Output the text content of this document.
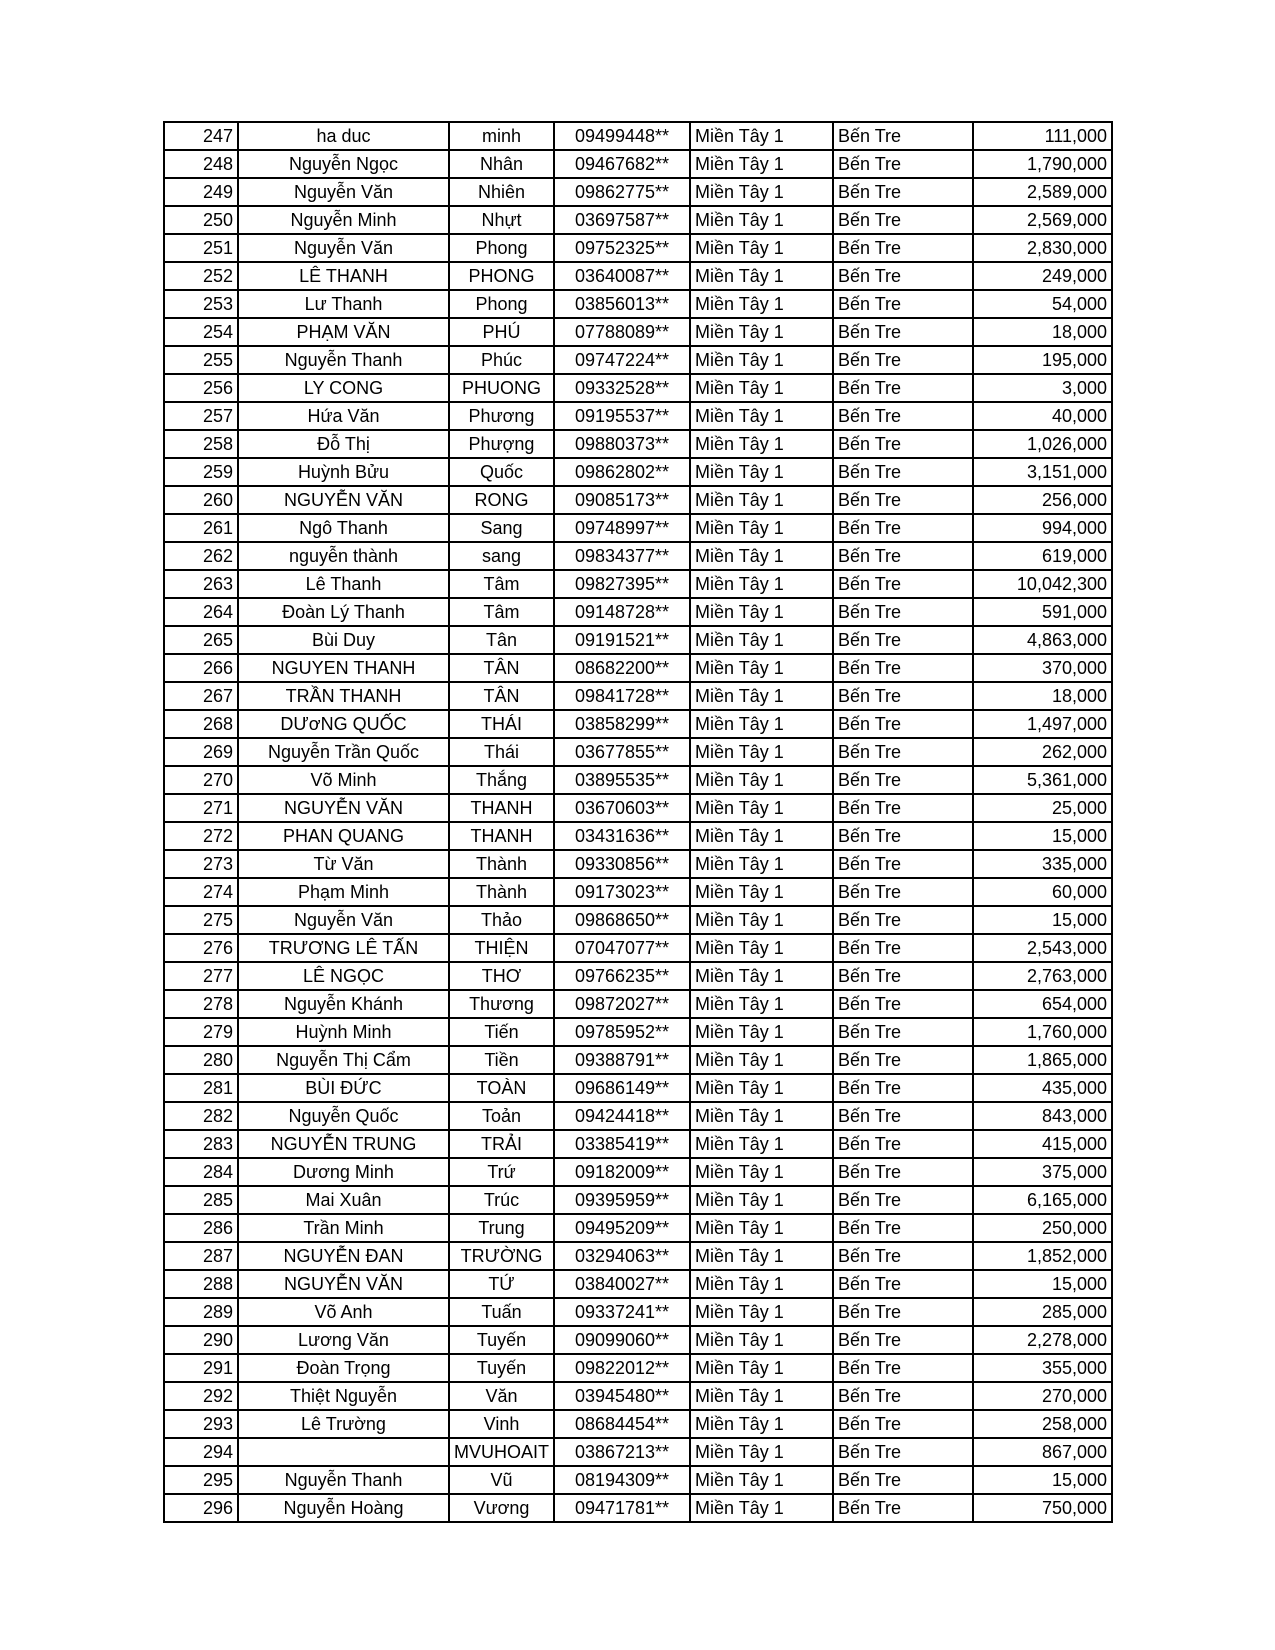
247	ha duc	minh	09499448**	Miền Tây 1	Bến Tre	111,000
248	Nguyễn Ngọc	Nhân	09467682**	Miền Tây 1	Bến Tre	1,790,000
249	Nguyễn Văn	Nhiên	09862775**	Miền Tây 1	Bến Tre	2,589,000
250	Nguyễn Minh	Nhựt	03697587**	Miền Tây 1	Bến Tre	2,569,000
251	Nguyễn Văn	Phong	09752325**	Miền Tây 1	Bến Tre	2,830,000
252	LÊ THANH	PHONG	03640087**	Miền Tây 1	Bến Tre	249,000
253	Lư Thanh	Phong	03856013**	Miền Tây 1	Bến Tre	54,000
254	PHẠM VĂN	PHÚ	07788089**	Miền Tây 1	Bến Tre	18,000
255	Nguyễn Thanh	Phúc	09747224**	Miền Tây 1	Bến Tre	195,000
256	LY CONG	PHUONG	09332528**	Miền Tây 1	Bến Tre	3,000
257	Hứa Văn	Phương	09195537**	Miền Tây 1	Bến Tre	40,000
258	Đỗ Thị	Phượng	09880373**	Miền Tây 1	Bến Tre	1,026,000
259	Huỳnh Bửu	Quốc	09862802**	Miền Tây 1	Bến Tre	3,151,000
260	NGUYỄN VĂN	RONG	09085173**	Miền Tây 1	Bến Tre	256,000
261	Ngô Thanh	Sang	09748997**	Miền Tây 1	Bến Tre	994,000
262	nguyễn thành	sang	09834377**	Miền Tây 1	Bến Tre	619,000
263	Lê Thanh	Tâm	09827395**	Miền Tây 1	Bến Tre	10,042,300
264	Đoàn Lý Thanh	Tâm	09148728**	Miền Tây 1	Bến Tre	591,000
265	Bùi Duy	Tân	09191521**	Miền Tây 1	Bến Tre	4,863,000
266	NGUYEN THANH	TÂN	08682200**	Miền Tây 1	Bến Tre	370,000
267	TRẦN THANH	TÂN	09841728**	Miền Tây 1	Bến Tre	18,000
268	DƯơNG QUỐC	THÁI	03858299**	Miền Tây 1	Bến Tre	1,497,000
269	Nguyễn Trần Quốc	Thái	03677855**	Miền Tây 1	Bến Tre	262,000
270	Võ Minh	Thắng	03895535**	Miền Tây 1	Bến Tre	5,361,000
271	NGUYỄN VĂN	THANH	03670603**	Miền Tây 1	Bến Tre	25,000
272	PHAN QUANG	THANH	03431636**	Miền Tây 1	Bến Tre	15,000
273	Từ Văn	Thành	09330856**	Miền Tây 1	Bến Tre	335,000
274	Phạm Minh	Thành	09173023**	Miền Tây 1	Bến Tre	60,000
275	Nguyễn Văn	Thảo	09868650**	Miền Tây 1	Bến Tre	15,000
276	TRƯƠNG LÊ TẤN	THIỆN	07047077**	Miền Tây 1	Bến Tre	2,543,000
277	LÊ NGỌC	THƠ	09766235**	Miền Tây 1	Bến Tre	2,763,000
278	Nguyễn Khánh	Thương	09872027**	Miền Tây 1	Bến Tre	654,000
279	Huỳnh Minh	Tiến	09785952**	Miền Tây 1	Bến Tre	1,760,000
280	Nguyễn Thị Cẩm	Tiền	09388791**	Miền Tây 1	Bến Tre	1,865,000
281	BÙI ĐỨC	TOÀN	09686149**	Miền Tây 1	Bến Tre	435,000
282	Nguyễn Quốc	Toản	09424418**	Miền Tây 1	Bến Tre	843,000
283	NGUYỄN TRUNG	TRẢI	03385419**	Miền Tây 1	Bến Tre	415,000
284	Dương Minh	Trứ	09182009**	Miền Tây 1	Bến Tre	375,000
285	Mai Xuân	Trúc	09395959**	Miền Tây 1	Bến Tre	6,165,000
286	Trần Minh	Trung	09495209**	Miền Tây 1	Bến Tre	250,000
287	NGUYỄN ĐAN	TRƯỜNG	03294063**	Miền Tây 1	Bến Tre	1,852,000
288	NGUYỄN VĂN	TỨ	03840027**	Miền Tây 1	Bến Tre	15,000
289	Võ Anh	Tuấn	09337241**	Miền Tây 1	Bến Tre	285,000
290	Lương Văn	Tuyến	09099060**	Miền Tây 1	Bến Tre	2,278,000
291	Đoàn Trọng	Tuyến	09822012**	Miền Tây 1	Bến Tre	355,000
292	Thiệt Nguyễn	Văn	03945480**	Miền Tây 1	Bến Tre	270,000
293	Lê Trường	Vinh	08684454**	Miền Tây 1	Bến Tre	258,000
294		MVUHOAIT	03867213**	Miền Tây 1	Bến Tre	867,000
295	Nguyễn Thanh	Vũ	08194309**	Miền Tây 1	Bến Tre	15,000
296	Nguyễn Hoàng	Vương	09471781**	Miền Tây 1	Bến Tre	750,000
